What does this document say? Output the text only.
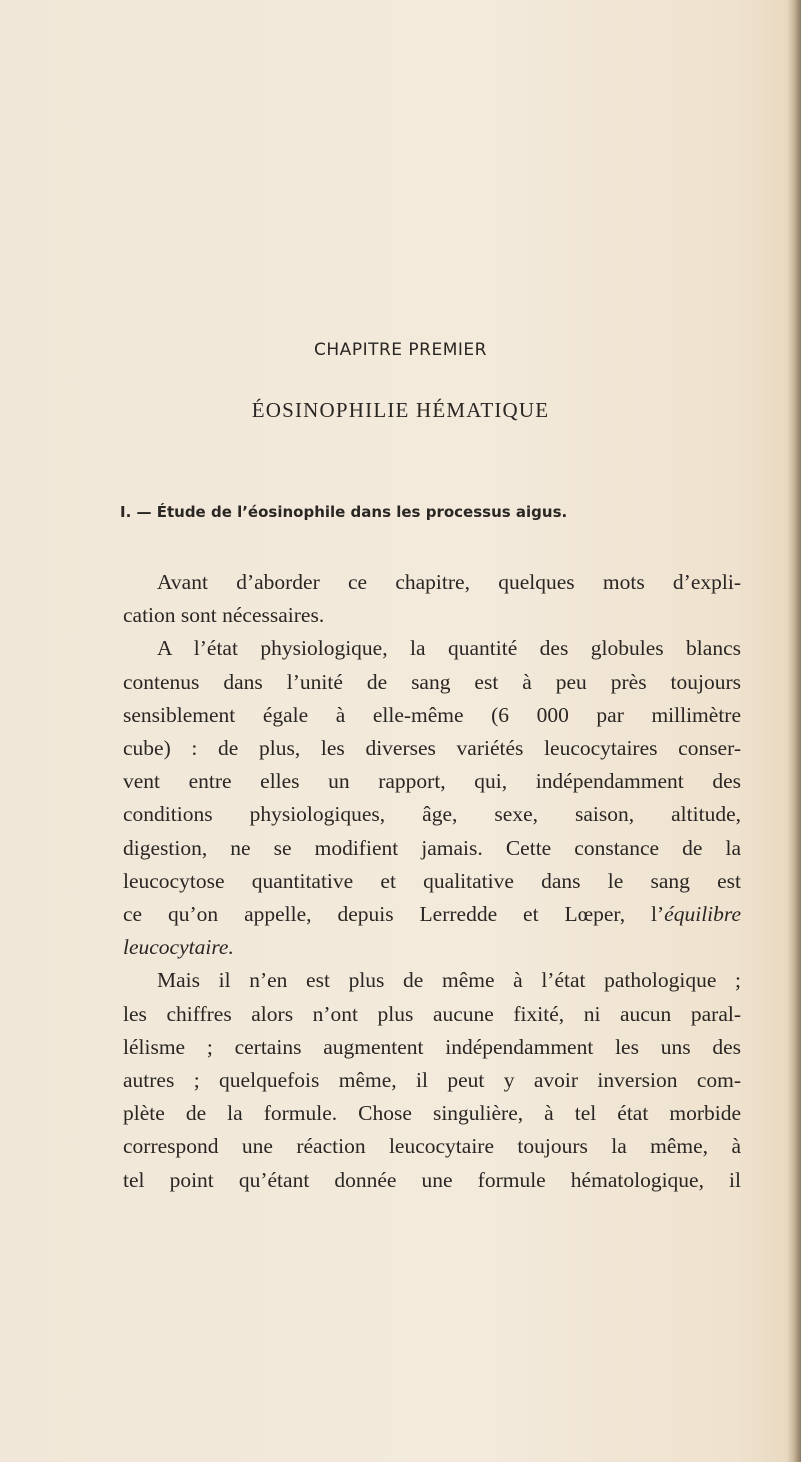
CHAPITRE PREMIER
ÉOSINOPHILIE HÉMATIQUE
I. — Étude de l’éosinophile dans les processus aigus.
Avant d’aborder ce chapitre, quelques mots d’expli-
cation sont nécessaires.
A l’état physiologique, la quantité des globules blancs
contenus dans l’unité de sang est à peu près toujours
sensiblement égale à elle-même (6 000 par millimètre
cube) : de plus, les diverses variétés leucocytaires conser-
vent entre elles un rapport, qui, indépendamment des
conditions physiologiques, âge, sexe, saison, altitude,
digestion, ne se modifient jamais. Cette constance de la
leucocytose quantitative et qualitative dans le sang est
ce qu’on appelle, depuis Lerredde et Lœper, l’équilibre
leucocytaire.
Mais il n’en est plus de même à l’état pathologique ;
les chiffres alors n’ont plus aucune fixité, ni aucun paral-
lélisme ; certains augmentent indépendamment les uns des
autres ; quelquefois même, il peut y avoir inversion com-
plète de la formule. Chose singulière, à tel état morbide
correspond une réaction leucocytaire toujours la même, à
tel point qu’étant donnée une formule hématologique, il
